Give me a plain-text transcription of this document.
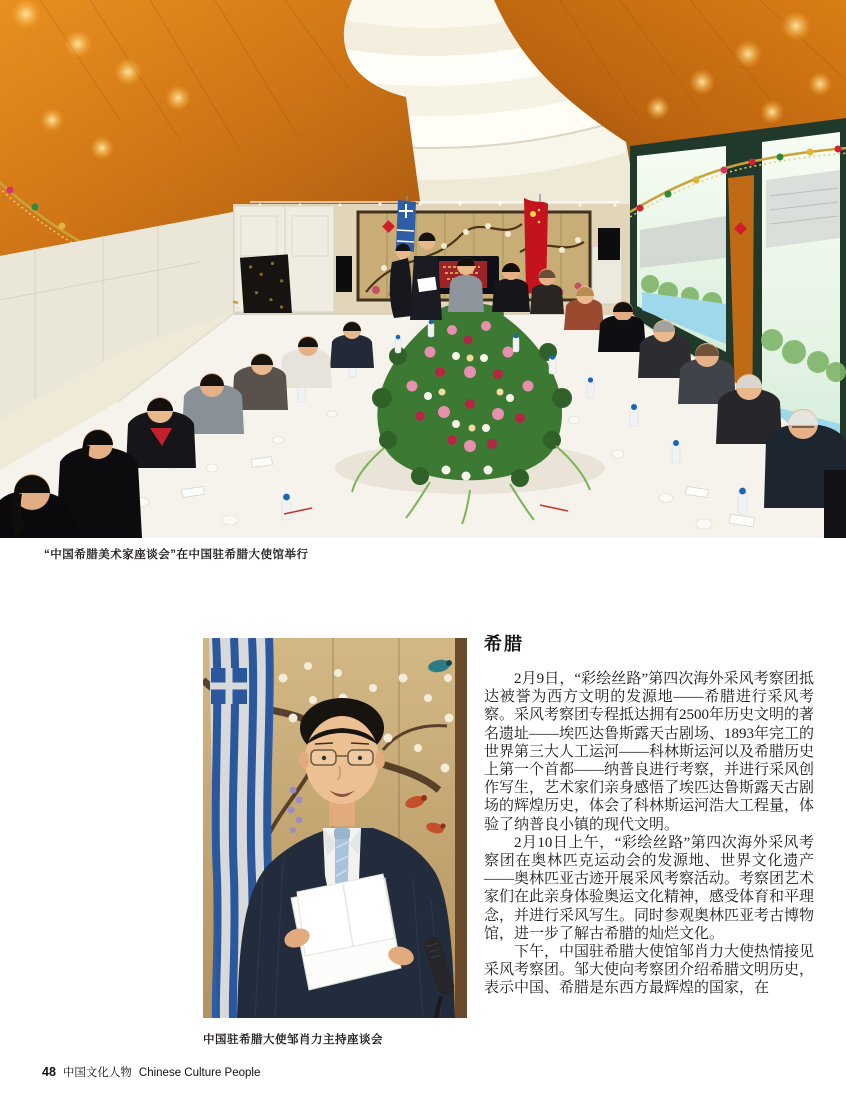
“中国希腊美术家座谈会”在中国驻希腊大使馆举行
中国驻希腊大使邹肖力主持座谈会
希腊

2月9日，“彩绘丝路”第四次海外采风考察团抵达被誉为西方文明的发源地——希腊进行采风考察。采风考察团专程抵达拥有2500年历史文明的著名遗址——埃匹达鲁斯露天古剧场、1893年完工的世界第三大人工运河——科林斯运河以及希腊历史上第一个首都——纳普良进行考察，并进行采风创作写生，艺术家们亲身感悟了埃匹达鲁斯露天古剧场的辉煌历史，体会了科林斯运河浩大工程量，体验了纳普良小镇的现代文明。

2月10日上午，“彩绘丝路”第四次海外采风考察团在奥林匹克运动会的发源地、世界文化遗产——奥林匹亚古迹开展采风考察活动。考察团艺术家们在此亲身体验奥运文化精神，感受体育和平理念，并进行采风写生。同时参观奥林匹亚考古博物馆，进一步了解古希腊的灿烂文化。

下午，中国驻希腊大使馆邹肖力大使热情接见采风考察团。邹大使向考察团介绍希腊文明历史，表示中国、希腊是东西方最辉煌的国家，在

48 中国文化人物 Chinese Culture People
